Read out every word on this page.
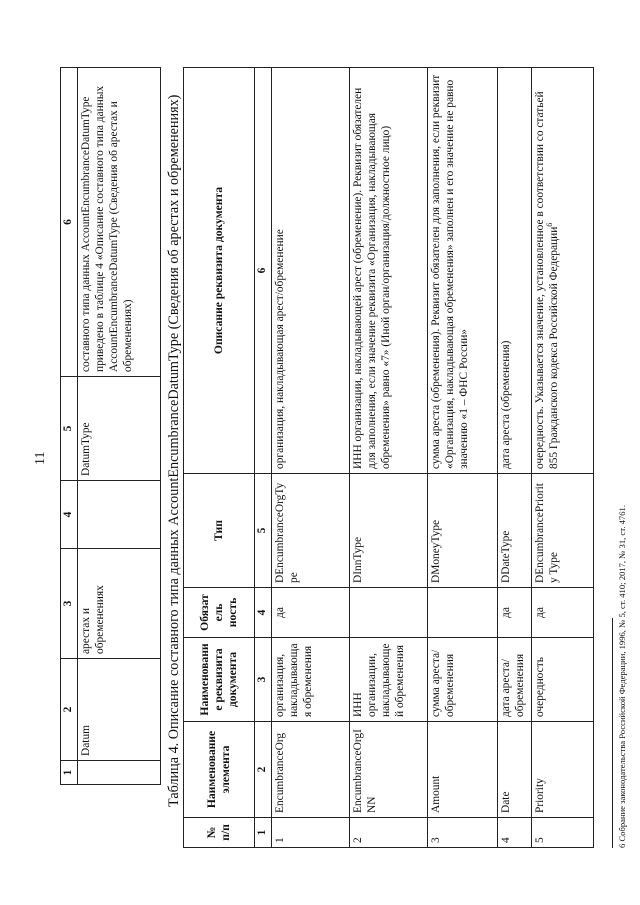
11
1	2	3	4	5	6
	Datum	арестах и обременениях		DatumType	составного типа данных AccountEncumbranceDatumType приведено в таблице 4 «Описание составного типа данных AccountEncumbranceDatumType (Сведения об арестах и обременениях) Таблица 4. Описание составного типа данных AccountEncumbranceDatumType (Сведения об арестах и обременениях)
№ п/п	Наименование элемента	Наименование реквизита документа	Обязатель ность	Тип	Описание реквизита документа
1	2	3	4	5	6
1	EncumbranceOrg	организация, накладывающая обременения	да	DEncumbranceOrgType	организация, накладывающая арест/обременение
2	EncumbranceOrgINN	ИНН организации, накладывающей обременения		DInnType	ИНН организации, накладывающей арест (обременение). Реквизит обязателен для заполнения, если значение реквизита «Организация, накладывающая обременения» равно «7» (Иной орган/организация/должностное лицо)
3	Amount	сумма ареста/обременения		DMoneyType	сумма ареста (обременения). Реквизит обязателен для заполнения, если реквизит «Организация, накладывающая обременения» заполнен и его значение не равно значению «1 – ФНС России»
4	Date	дата ареста/обременения	да	DDateType	дата ареста (обременения)
5	Priority	очередность	да	DEncumbrancePriority Type	очередность. Указывается значение, установленное в соответствии со статьей 855 Гражданского кодекса Российской Федерации$^6$
6 Собрание законодательства Российской Федерации, 1996, № 5, ст. 410; 2017, № 31, ст. 4761.
